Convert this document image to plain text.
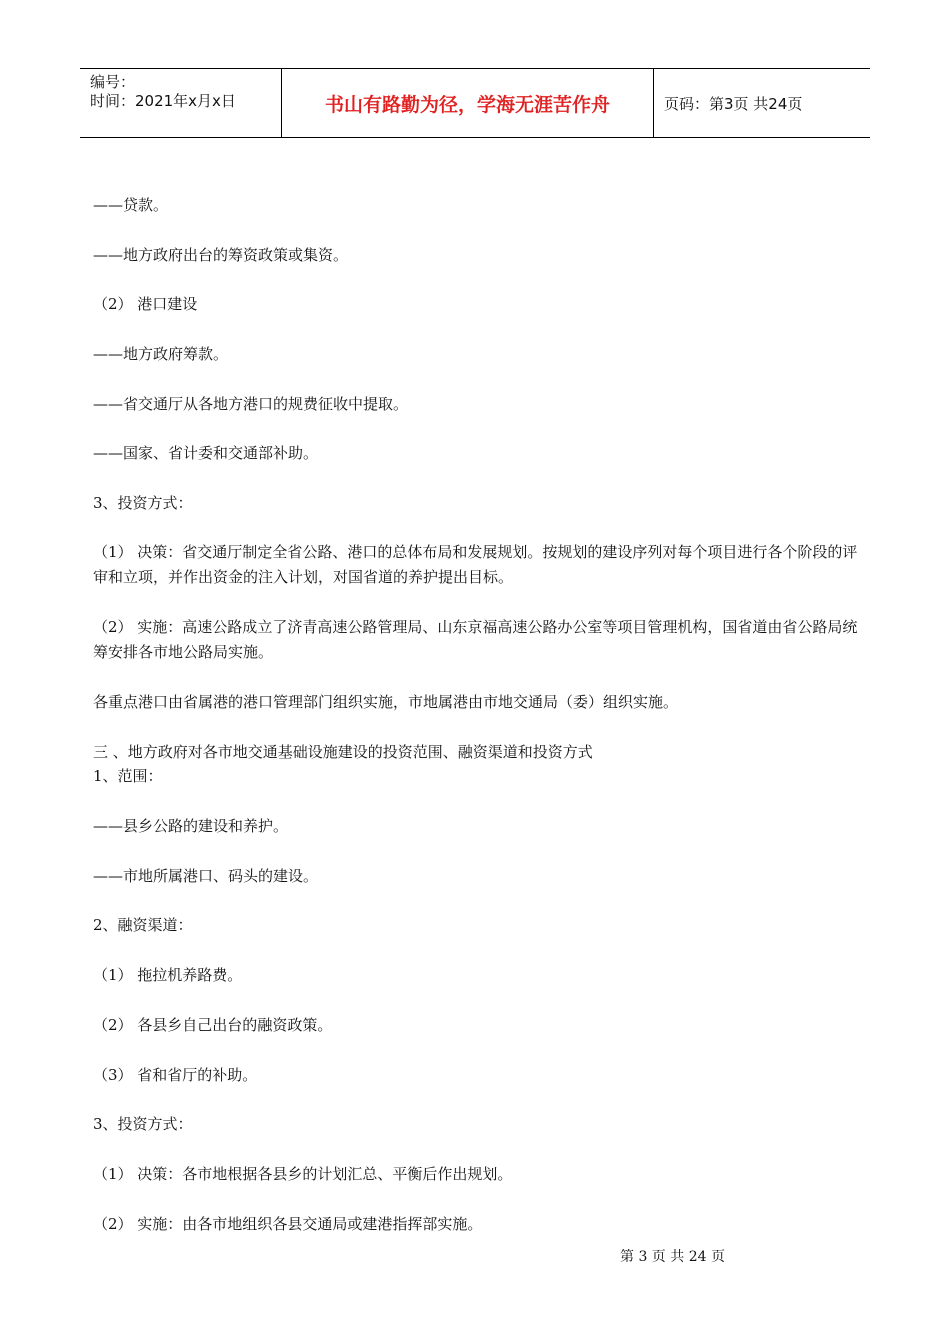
编号：
时间：2021年x月x日	书山有路勤为径，学海无涯苦作舟	页码：第3页 共24页
——贷款。
——地方政府出台的筹资政策或集资。
（2） 港口建设
——地方政府筹款。
——省交通厅从各地方港口的规费征收中提取。
——国家、省计委和交通部补助。
3、投资方式：
（1） 决策：省交通厅制定全省公路、港口的总体布局和发展规划。按规划的建设序列对每个项目进行各个阶段的评审和立项，并作出资金的注入计划，对国省道的养护提出目标。
（2） 实施：高速公路成立了济青高速公路管理局、山东京福高速公路办公室等项目管理机构，国省道由省公路局统筹安排各市地公路局实施。
各重点港口由省属港的港口管理部门组织实施，市地属港由市地交通局（委）组织实施。
三 、地方政府对各市地交通基础设施建设的投资范围、融资渠道和投资方式
1、范围：
——县乡公路的建设和养护。
——市地所属港口、码头的建设。
2、融资渠道：
（1） 拖拉机养路费。
（2） 各县乡自己出台的融资政策。
（3） 省和省厅的补助。
3、投资方式：
（1） 决策：各市地根据各县乡的计划汇总、平衡后作出规划。
（2） 实施：由各市地组织各县交通局或建港指挥部实施。
第 3 页 共 24 页
